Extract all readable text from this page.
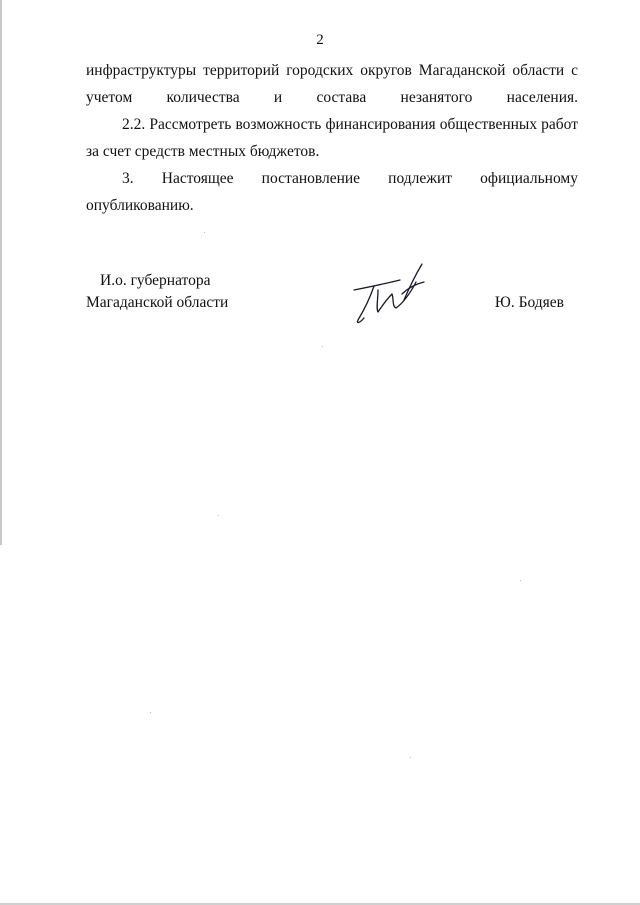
2

инфраструктуры территорий городских округов Магаданской области с учетом количества и состава незанятого населения.

2.2. Рассмотреть возможность финансирования общественных работ за счет средств местных бюджетов.

3. Настоящее постановление подлежит официальному опубликованию.

И.о. губернатора
Магаданской области	Ю. Бодяев
